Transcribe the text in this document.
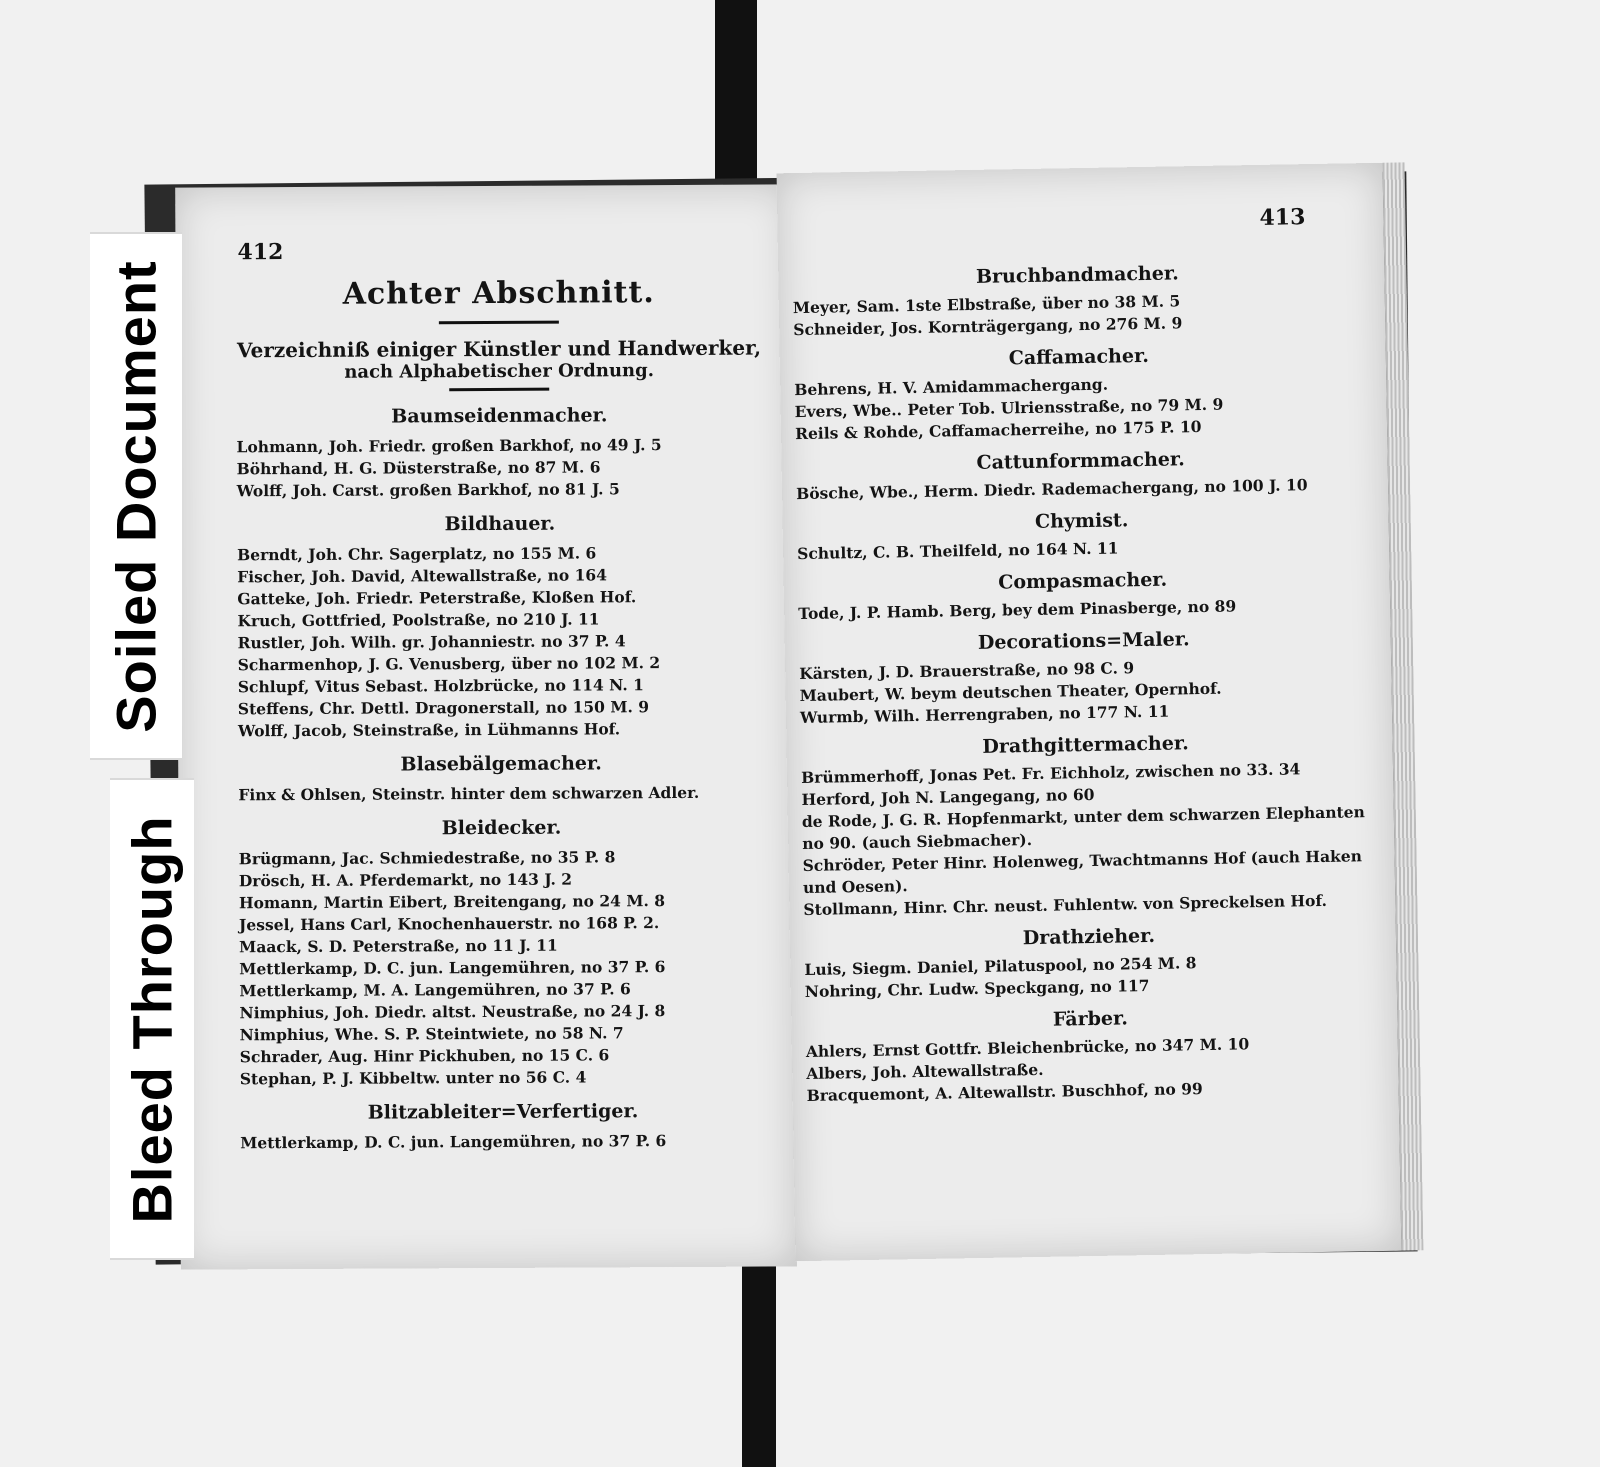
412
Achter Abschnitt.
Verzeichniß einiger Künstler und Handwerker,
nach Alphabetischer Ordnung.
Baumseidenmacher.
Lohmann, Joh. Friedr. großen Barkhof, no 49 J. 5
Böhrhand, H. G. Düsterstraße, no 87 M. 6
Wolff, Joh. Carst. großen Barkhof, no 81 J. 5
Bildhauer.
Berndt, Joh. Chr. Sagerplatz, no 155 M. 6
Fischer, Joh. David, Altewallstraße, no 164
Gatteke, Joh. Friedr. Peterstraße, Kloßen Hof.
Kruch, Gottfried, Poolstraße, no 210 J. 11
Rustler, Joh. Wilh. gr. Johanniestr. no 37 P. 4
Scharmenhop, J. G. Venusberg, über no 102 M. 2
Schlupf, Vitus Sebast. Holzbrücke, no 114 N. 1
Steffens, Chr. Dettl. Dragonerstall, no 150 M. 9
Wolff, Jacob, Steinstraße, in Lühmanns Hof.
Blasebälgemacher.
Finx & Ohlsen, Steinstr. hinter dem schwarzen Adler.
Bleidecker.
Brügmann, Jac. Schmiedestraße, no 35 P. 8
Drösch, H. A. Pferdemarkt, no 143 J. 2
Homann, Martin Eibert, Breitengang, no 24 M. 8
Jessel, Hans Carl, Knochenhauerstr. no 168 P. 2.
Maack, S. D. Peterstraße, no 11 J. 11
Mettlerkamp, D. C. jun. Langemühren, no 37 P. 6
Mettlerkamp, M. A. Langemühren, no 37 P. 6
Nimphius, Joh. Diedr. altst. Neustraße, no 24 J. 8
Nimphius, Whe. S. P. Steintwiete, no 58 N. 7
Schrader, Aug. Hinr Pickhuben, no 15 C. 6
Stephan, P. J. Kibbeltw. unter no 56 C. 4
Blitzableiter=Verfertiger.
Mettlerkamp, D. C. jun. Langemühren, no 37 P. 6
413
Bruchbandmacher.
Meyer, Sam. 1ste Elbstraße, über no 38 M. 5
Schneider, Jos. Kornträgergang, no 276 M. 9
Caffamacher.
Behrens, H. V. Amidammachergang.
Evers, Wbe.. Peter Tob. Ulriensstraße, no 79 M. 9
Reils & Rohde, Caffamacherreihe, no 175 P. 10
Cattunformmacher.
Bösche, Wbe., Herm. Diedr. Rademachergang, no 100 J. 10
Chymist.
Schultz, C. B. Theilfeld, no 164 N. 11
Compasmacher.
Tode, J. P. Hamb. Berg, bey dem Pinasberge, no 89
Decorations=Maler.
Kärsten, J. D. Brauerstraße, no 98 C. 9
Maubert, W. beym deutschen Theater, Opernhof.
Wurmb, Wilh. Herrengraben, no 177 N. 11
Drathgittermacher.
Brümmerhoff, Jonas Pet. Fr. Eichholz, zwischen no 33. 34
Herford, Joh N. Langegang, no 60
de Rode, J. G. R. Hopfenmarkt, unter dem schwarzen Elephanten no 90. (auch Siebmacher).
Schröder, Peter Hinr. Holenweg, Twachtmanns Hof (auch Haken und Oesen).
Stollmann, Hinr. Chr. neust. Fuhlentw. von Spreckelsen Hof.
Drathzieher.
Luis, Siegm. Daniel, Pilatuspool, no 254 M. 8
Nohring, Chr. Ludw. Speckgang, no 117
Färber.
Ahlers, Ernst Gottfr. Bleichenbrücke, no 347 M. 10
Albers, Joh. Altewallstraße.
Bracquemont, A. Altewallstr. Buschhof, no 99
Soiled Document
Bleed Through
